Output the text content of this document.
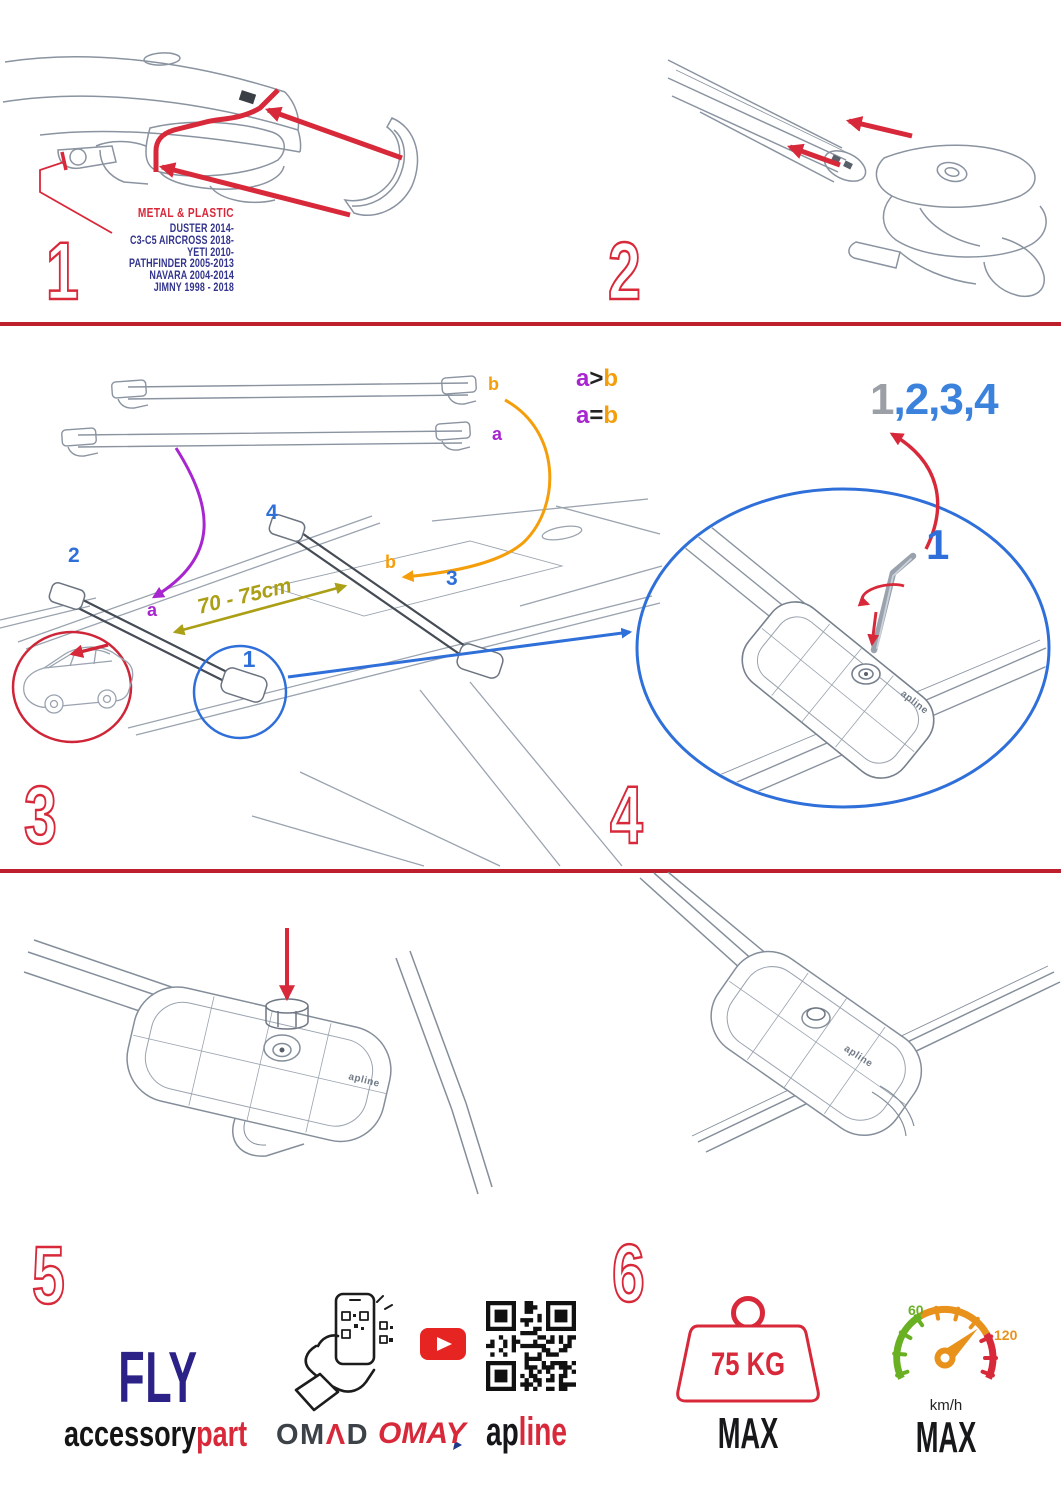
METAL & PLASTIC
DUSTER 2014-
C3-C5 AIRCROSS 2018-
YETI 2010-
PATHFINDER 2005-2013
NAVARA 2004-2014
JIMNY 1998 - 2018
1	2
b
a
a>b
a=b
2
4
b
3
a 70 - 75cm
1
1,2,3,4
1
apline
3	4
apline
apline
5	6
FLY
accessorypart OMΛD OMAY apline
75 KG
MAX
60
120
km/h
MAX
